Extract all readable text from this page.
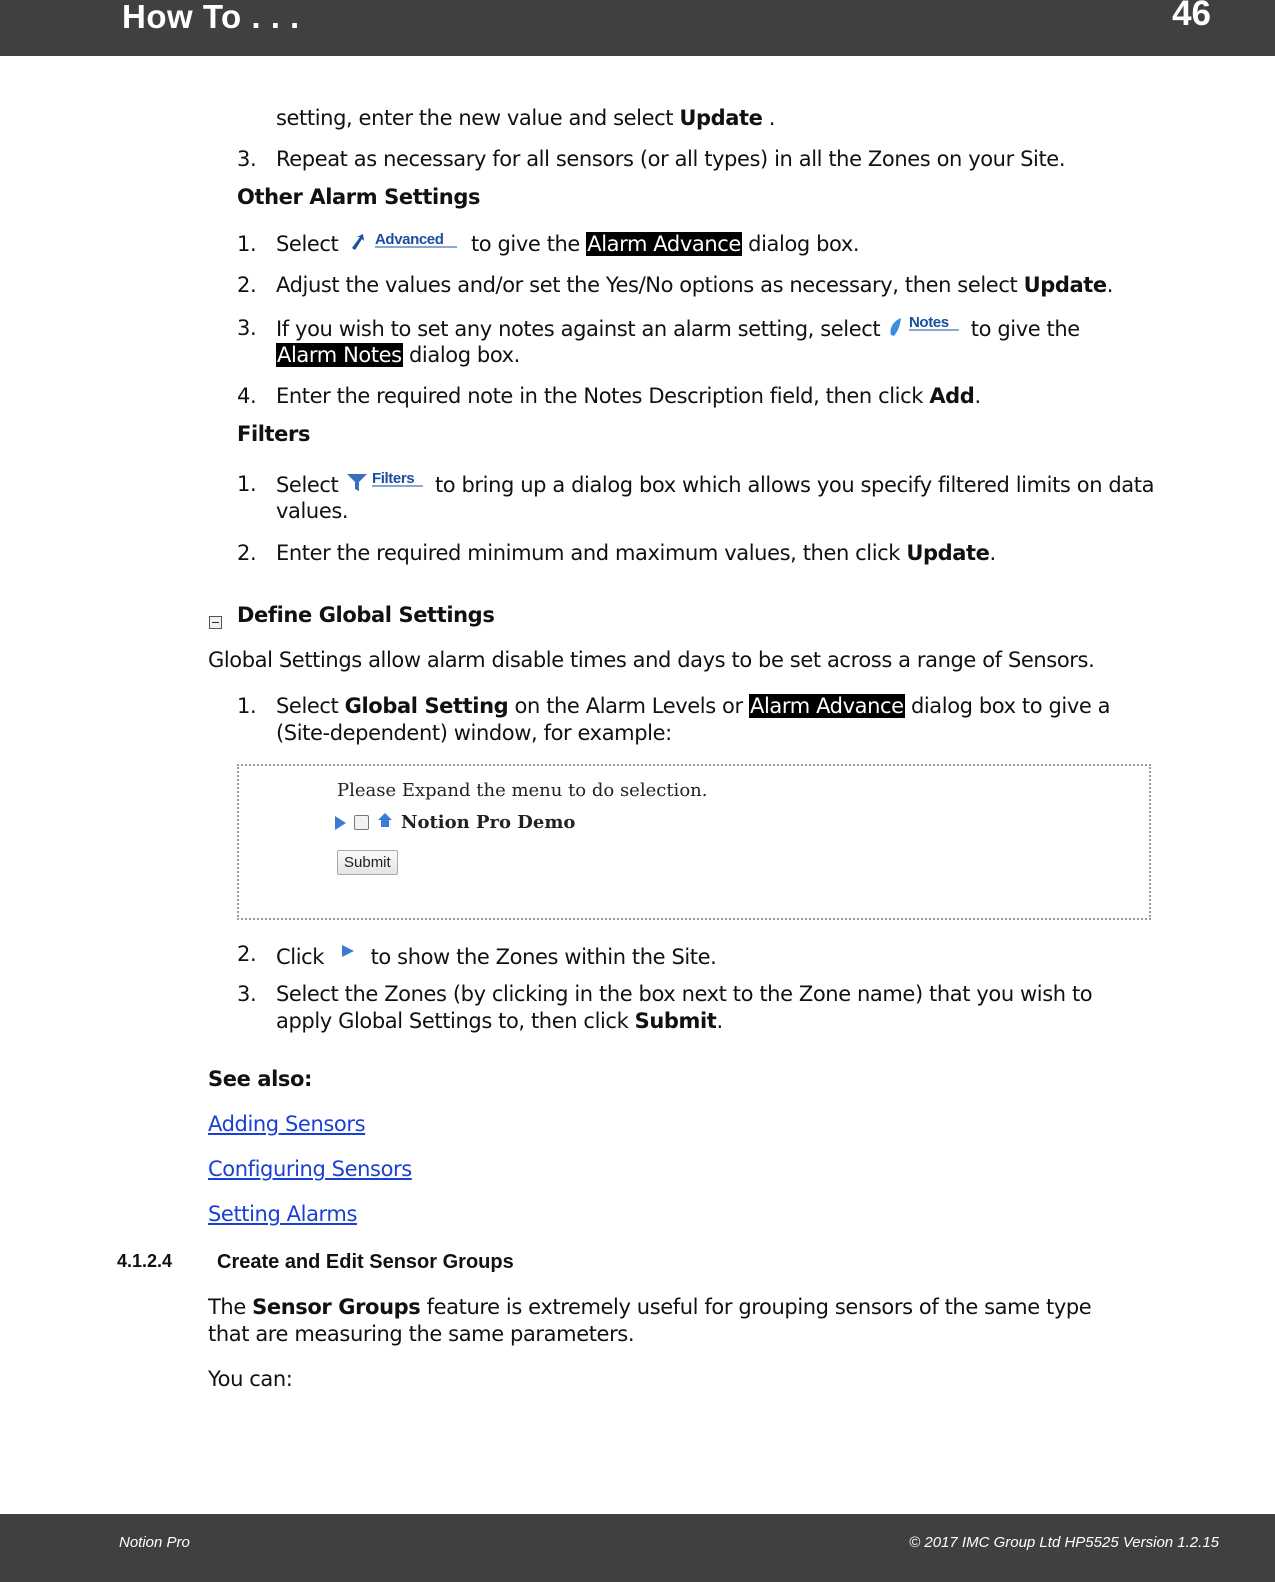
How To . . .	46
setting, enter the new value and select Update .
3. Repeat as necessary for all sensors (or all types) in all the Zones on your Site.
Other Alarm Settings
1. Select Advanced to give the Alarm Advance dialog box.
2. Adjust the values and/or set the Yes/No options as necessary, then select Update.
3. If you wish to set any notes against an alarm setting, select Notes to give the
Alarm Notes dialog box.
4. Enter the required note in the Notes Description field, then click Add.
Filters
1. Select Filters to bring up a dialog box which allows you specify filtered limits on data
values.
2. Enter the required minimum and maximum values, then click Update.
Define Global Settings
Global Settings allow alarm disable times and days to be set across a range of Sensors.
1. Select Global Setting on the Alarm Levels or Alarm Advance dialog box to give a
(Site-dependent) window, for example:
Please Expand the menu to do selection.
Notion Pro Demo
Submit
2. Click  to show the Zones within the Site.
3. Select the Zones (by clicking in the box next to the Zone name) that you wish to
apply Global Settings to, then click Submit.
See also:
Adding Sensors
Configuring Sensors
Setting Alarms
4.1.2.4 Create and Edit Sensor Groups
The Sensor Groups feature is extremely useful for grouping sensors of the same type
that are measuring the same parameters.
You can:
Notion Pro	© 2017 IMC Group Ltd HP5525 Version 1.2.15
